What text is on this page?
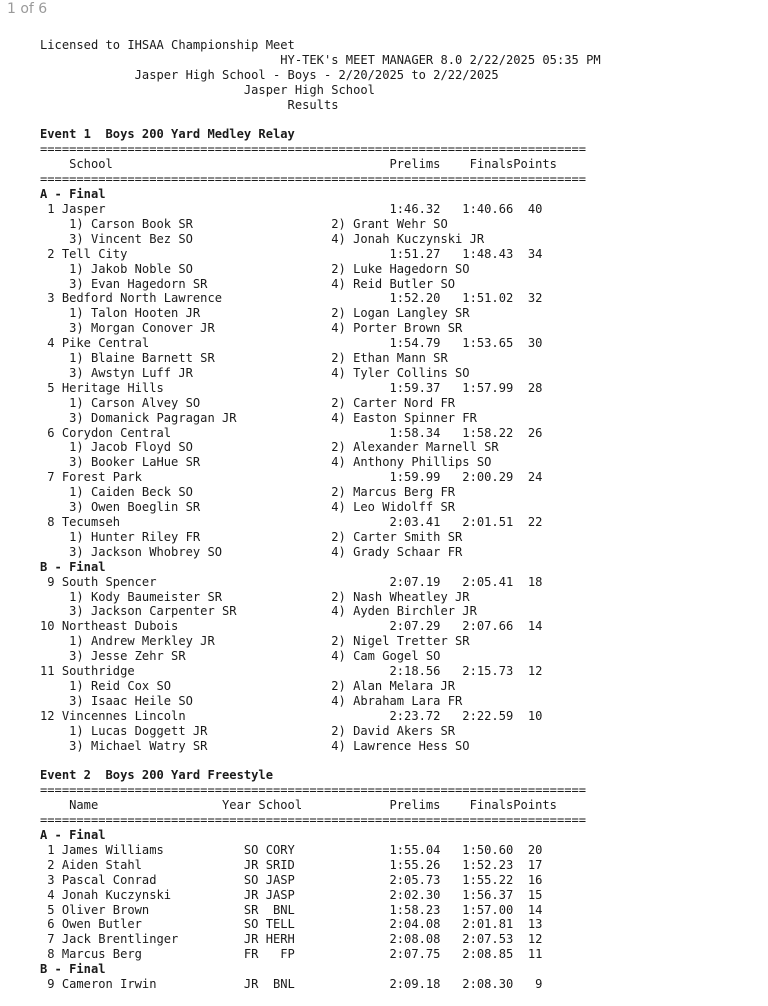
1 of 6
Licensed to IHSAA Championship Meet
HY-TEK's MEET MANAGER 8.0 2/22/2025 05:35 PM
Jasper High School - Boys - 2/20/2025 to 2/22/2025
Jasper High School
Results

Event 1  Boys 200 Yard Medley Relay
===========================================================================
School                                      Prelims    FinalsPoints
===========================================================================
A - Final
1 Jasper                                       1:46.32   1:40.66  40
1) Carson Book SR                   2) Grant Wehr SO
3) Vincent Bez SO                   4) Jonah Kuczynski JR
2 Tell City                                    1:51.27   1:48.43  34
1) Jakob Noble SO                   2) Luke Hagedorn SO
3) Evan Hagedorn SR                 4) Reid Butler SO
3 Bedford North Lawrence                       1:52.20   1:51.02  32
1) Talon Hooten JR                  2) Logan Langley SR
3) Morgan Conover JR                4) Porter Brown SR
4 Pike Central                                 1:54.79   1:53.65  30
1) Blaine Barnett SR                2) Ethan Mann SR
3) Awstyn Luff JR                   4) Tyler Collins SO
5 Heritage Hills                               1:59.37   1:57.99  28
1) Carson Alvey SO                  2) Carter Nord FR
3) Domanick Pagragan JR             4) Easton Spinner FR
6 Corydon Central                              1:58.34   1:58.22  26
1) Jacob Floyd SO                   2) Alexander Marnell SR
3) Booker LaHue SR                  4) Anthony Phillips SO
7 Forest Park                                  1:59.99   2:00.29  24
1) Caiden Beck SO                   2) Marcus Berg FR
3) Owen Boeglin SR                  4) Leo Widolff SR
8 Tecumseh                                     2:03.41   2:01.51  22
1) Hunter Riley FR                  2) Carter Smith SR
3) Jackson Whobrey SO               4) Grady Schaar FR
B - Final
9 South Spencer                                2:07.19   2:05.41  18
1) Kody Baumeister SR               2) Nash Wheatley JR
3) Jackson Carpenter SR             4) Ayden Birchler JR
10 Northeast Dubois                             2:07.29   2:07.66  14
1) Andrew Merkley JR                2) Nigel Tretter SR
3) Jesse Zehr SR                    4) Cam Gogel SO
11 Southridge                                   2:18.56   2:15.73  12
1) Reid Cox SO                      2) Alan Melara JR
3) Isaac Heile SO                   4) Abraham Lara FR
12 Vincennes Lincoln                            2:23.72   2:22.59  10
1) Lucas Doggett JR                 2) David Akers SR
3) Michael Watry SR                 4) Lawrence Hess SO

Event 2  Boys 200 Yard Freestyle
===========================================================================
Name                 Year School            Prelims    FinalsPoints
===========================================================================
A - Final
1 James Williams           SO CORY             1:55.04   1:50.60  20
2 Aiden Stahl              JR SRID             1:55.26   1:52.23  17
3 Pascal Conrad            SO JASP             2:05.73   1:55.22  16
4 Jonah Kuczynski          JR JASP             2:02.30   1:56.37  15
5 Oliver Brown             SR  BNL             1:58.23   1:57.00  14
6 Owen Butler              SO TELL             2:04.08   2:01.81  13
7 Jack Brentlinger         JR HERH             2:08.08   2:07.53  12
8 Marcus Berg              FR   FP             2:07.75   2:08.85  11
B - Final
9 Cameron Irwin            JR  BNL             2:09.18   2:08.30   9
